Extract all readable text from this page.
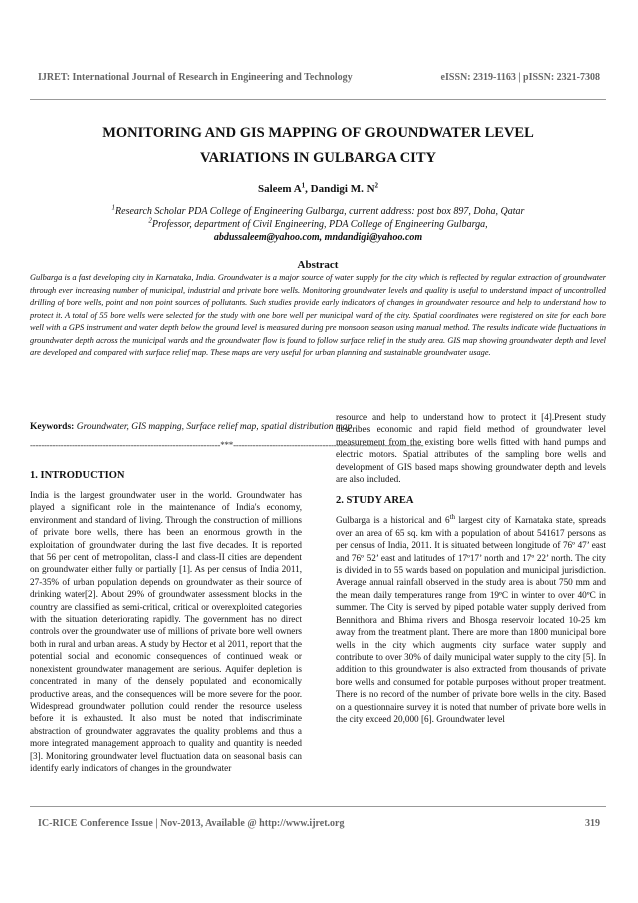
IJRET: International Journal of Research in Engineering and Technology	eISSN: 2319-1163 | pISSN: 2321-7308
MONITORING AND GIS MAPPING OF GROUNDWATER LEVEL
VARIATIONS IN GULBARGA CITY
Saleem $A^1$, Dandigi M. $N^2$
$^1$Research Scholar PDA College of Engineering Gulbarga, current address: post box 897, Doha, Qatar
$^2$Professor, department of Civil Engineering, PDA College of Engineering Gulbarga,
abdussaleem@yahoo.com, mndandigi@yahoo.com
Abstract
Gulbarga is a fast developing city in Karnataka, India. Groundwater is a major source of water supply for the city which is reflected by regular extraction of groundwater through ever increasing number of municipal, industrial and private bore wells. Monitoring groundwater levels and quality is useful to understand impact of uncontrolled drilling of bore wells, point and non point sources of pollutants. Such studies provide early indicators of changes in groundwater resource and help to understand how to protect it. A total of 55 bore wells were selected for the study with one bore well per municipal ward of the city. Spatial coordinates were registered on site for each bore well with a GPS instrument and water depth below the ground level is measured during pre monsoon season using manual method. The results indicate wide fluctuations in groundwater depth across the municipal wards and the groundwater flow is found to follow surface relief in the study area. GIS map showing groundwater depth and level are developed and compared with surface relief map. These maps are very useful for urban planning and sustainable groundwater usage.
Keywords: Groundwater, GIS mapping, Surface relief map, spatial distribution map
--------------------------------------------------------------------***--------------------------------------------------------------------
1. INTRODUCTION

India is the largest groundwater user in the world. Groundwater has played a significant role in the maintenance of India's economy, environment and standard of living. Through the construction of millions of private bore wells, there has been an enormous growth in the exploitation of groundwater during the last five decades. It is reported that 56 per cent of metropolitan, class-I and class-II cities are dependent on groundwater either fully or partially [1]. As per census of India 2011, 27-35% of urban population depends on groundwater as their source of drinking water[2]. About 29% of groundwater assessment blocks in the country are classified as semi-critical, critical or overexploited categories with the situation deteriorating rapidly. The government has no direct controls over the groundwater use of millions of private bore well owners both in rural and urban areas. A study by Hector et al 2011, report that the potential social and economic consequences of continued weak or nonexistent groundwater management are serious. Aquifer depletion is concentrated in many of the densely populated and economically productive areas, and the consequences will be more severe for the poor. Widespread groundwater pollution could render the resource useless before it is exhausted. It also must be noted that indiscriminate abstraction of groundwater aggravates the quality problems and thus a more integrated management approach to quality and quantity is needed [3]. Monitoring groundwater level fluctuation data on seasonal basis can identify early indicators of changes in the groundwater

resource and help to understand how to protect it [4].Present study describes economic and rapid field method of groundwater level measurement from the existing bore wells fitted with hand pumps and electric motors. Spatial attributes of the sampling bore wells and development of GIS based maps showing groundwater depth and levels are also included.

2. STUDY AREA

Gulbarga is a historical and 6th largest city of Karnataka state, spreads over an area of 65 sq. km with a population of about 541617 persons as per census of India, 2011. It is situated between longitude of 76º 47’ east and 76º 52’ east and latitudes of 17º17’ north and 17º 22’ north. The city is divided in to 55 wards based on population and municipal jurisdiction. Average annual rainfall observed in the study area is about 750 mm and the mean daily temperatures range from 19ºC in winter to over 40ºC in summer. The City is served by piped potable water supply derived from Bennithora and Bhima rivers and Bhosga reservoir located 10-25 km away from the treatment plant. There are more than 1800 municipal bore wells in the city which augments city surface water supply and contribute to over 30% of daily municipal water supply to the city [5]. In addition to this groundwater is also extracted from thousands of private bore wells and consumed for potable purposes without proper treatment. There is no record of the number of private bore wells in the city. Based on a questionnaire survey it is noted that number of private bore wells in the city exceed 20,000 [6]. Groundwater level

IC-RICE Conference Issue | Nov-2013, Available @ http://www.ijret.org	319
